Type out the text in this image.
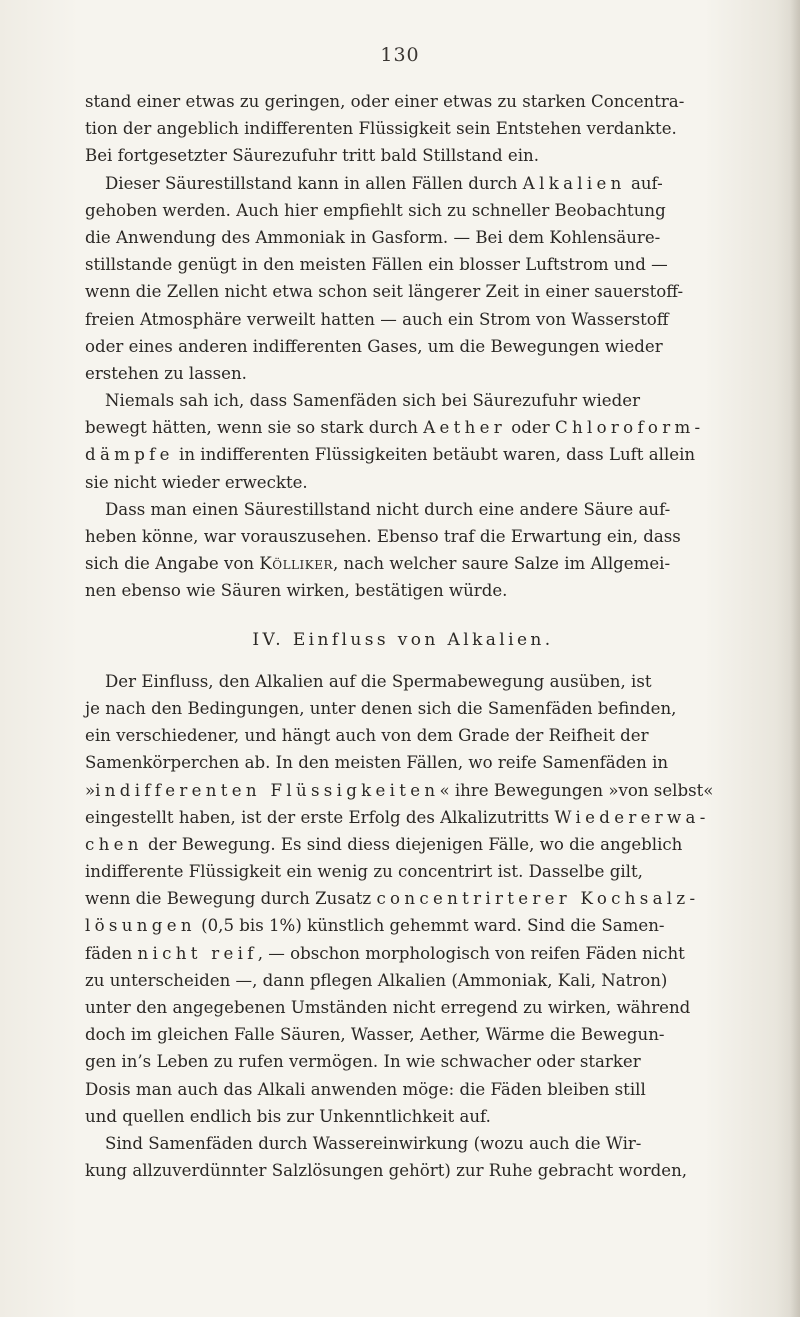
130
stand einer etwas zu geringen, oder einer etwas zu starken Concentra-
tion der angeblich indifferenten Flüssigkeit sein Entstehen verdankte.
Bei fortgesetzter Säurezufuhr tritt bald Stillstand ein.
Dieser Säurestillstand kann in allen Fällen durch Alkalien auf-
gehoben werden. Auch hier empfiehlt sich zu schneller Beobachtung
die Anwendung des Ammoniak in Gasform. — Bei dem Kohlensäure-
stillstande genügt in den meisten Fällen ein blosser Luftstrom und —
wenn die Zellen nicht etwa schon seit längerer Zeit in einer sauerstoff-
freien Atmosphäre verweilt hatten — auch ein Strom von Wasserstoff
oder eines anderen indifferenten Gases, um die Bewegungen wieder
erstehen zu lassen.
Niemals sah ich, dass Samenfäden sich bei Säurezufuhr wieder
bewegt hätten, wenn sie so stark durch Aether oder Chloroform-
dämpfe in indifferenten Flüssigkeiten betäubt waren, dass Luft allein
sie nicht wieder erweckte.
Dass man einen Säurestillstand nicht durch eine andere Säure auf-
heben könne, war vorauszusehen. Ebenso traf die Erwartung ein, dass
sich die Angabe von Kölliker, nach welcher saure Salze im Allgemei-
nen ebenso wie Säuren wirken, bestätigen würde.
IV. Einfluss von Alkalien.
Der Einfluss, den Alkalien auf die Spermabewegung ausüben, ist
je nach den Bedingungen, unter denen sich die Samenfäden befinden,
ein verschiedener, und hängt auch von dem Grade der Reifheit der
Samenkörperchen ab. In den meisten Fällen, wo reife Samenfäden in
»indifferenten Flüssigkeiten« ihre Bewegungen »von selbst«
eingestellt haben, ist der erste Erfolg des Alkalizutritts Wiedererwa-
chen der Bewegung. Es sind diess diejenigen Fälle, wo die angeblich
indifferente Flüssigkeit ein wenig zu concentrirt ist. Dasselbe gilt,
wenn die Bewegung durch Zusatz concentrirterer Kochsalz-
lösungen (0,5 bis 1%) künstlich gehemmt ward. Sind die Samen-
fäden nicht reif, — obschon morphologisch von reifen Fäden nicht
zu unterscheiden —, dann pflegen Alkalien (Ammoniak, Kali, Natron)
unter den angegebenen Umständen nicht erregend zu wirken, während
doch im gleichen Falle Säuren, Wasser, Aether, Wärme die Bewegun-
gen in’s Leben zu rufen vermögen. In wie schwacher oder starker
Dosis man auch das Alkali anwenden möge: die Fäden bleiben still
und quellen endlich bis zur Unkenntlichkeit auf.
Sind Samenfäden durch Wassereinwirkung (wozu auch die Wir-
kung allzuverdünnter Salzlösungen gehört) zur Ruhe gebracht worden,
